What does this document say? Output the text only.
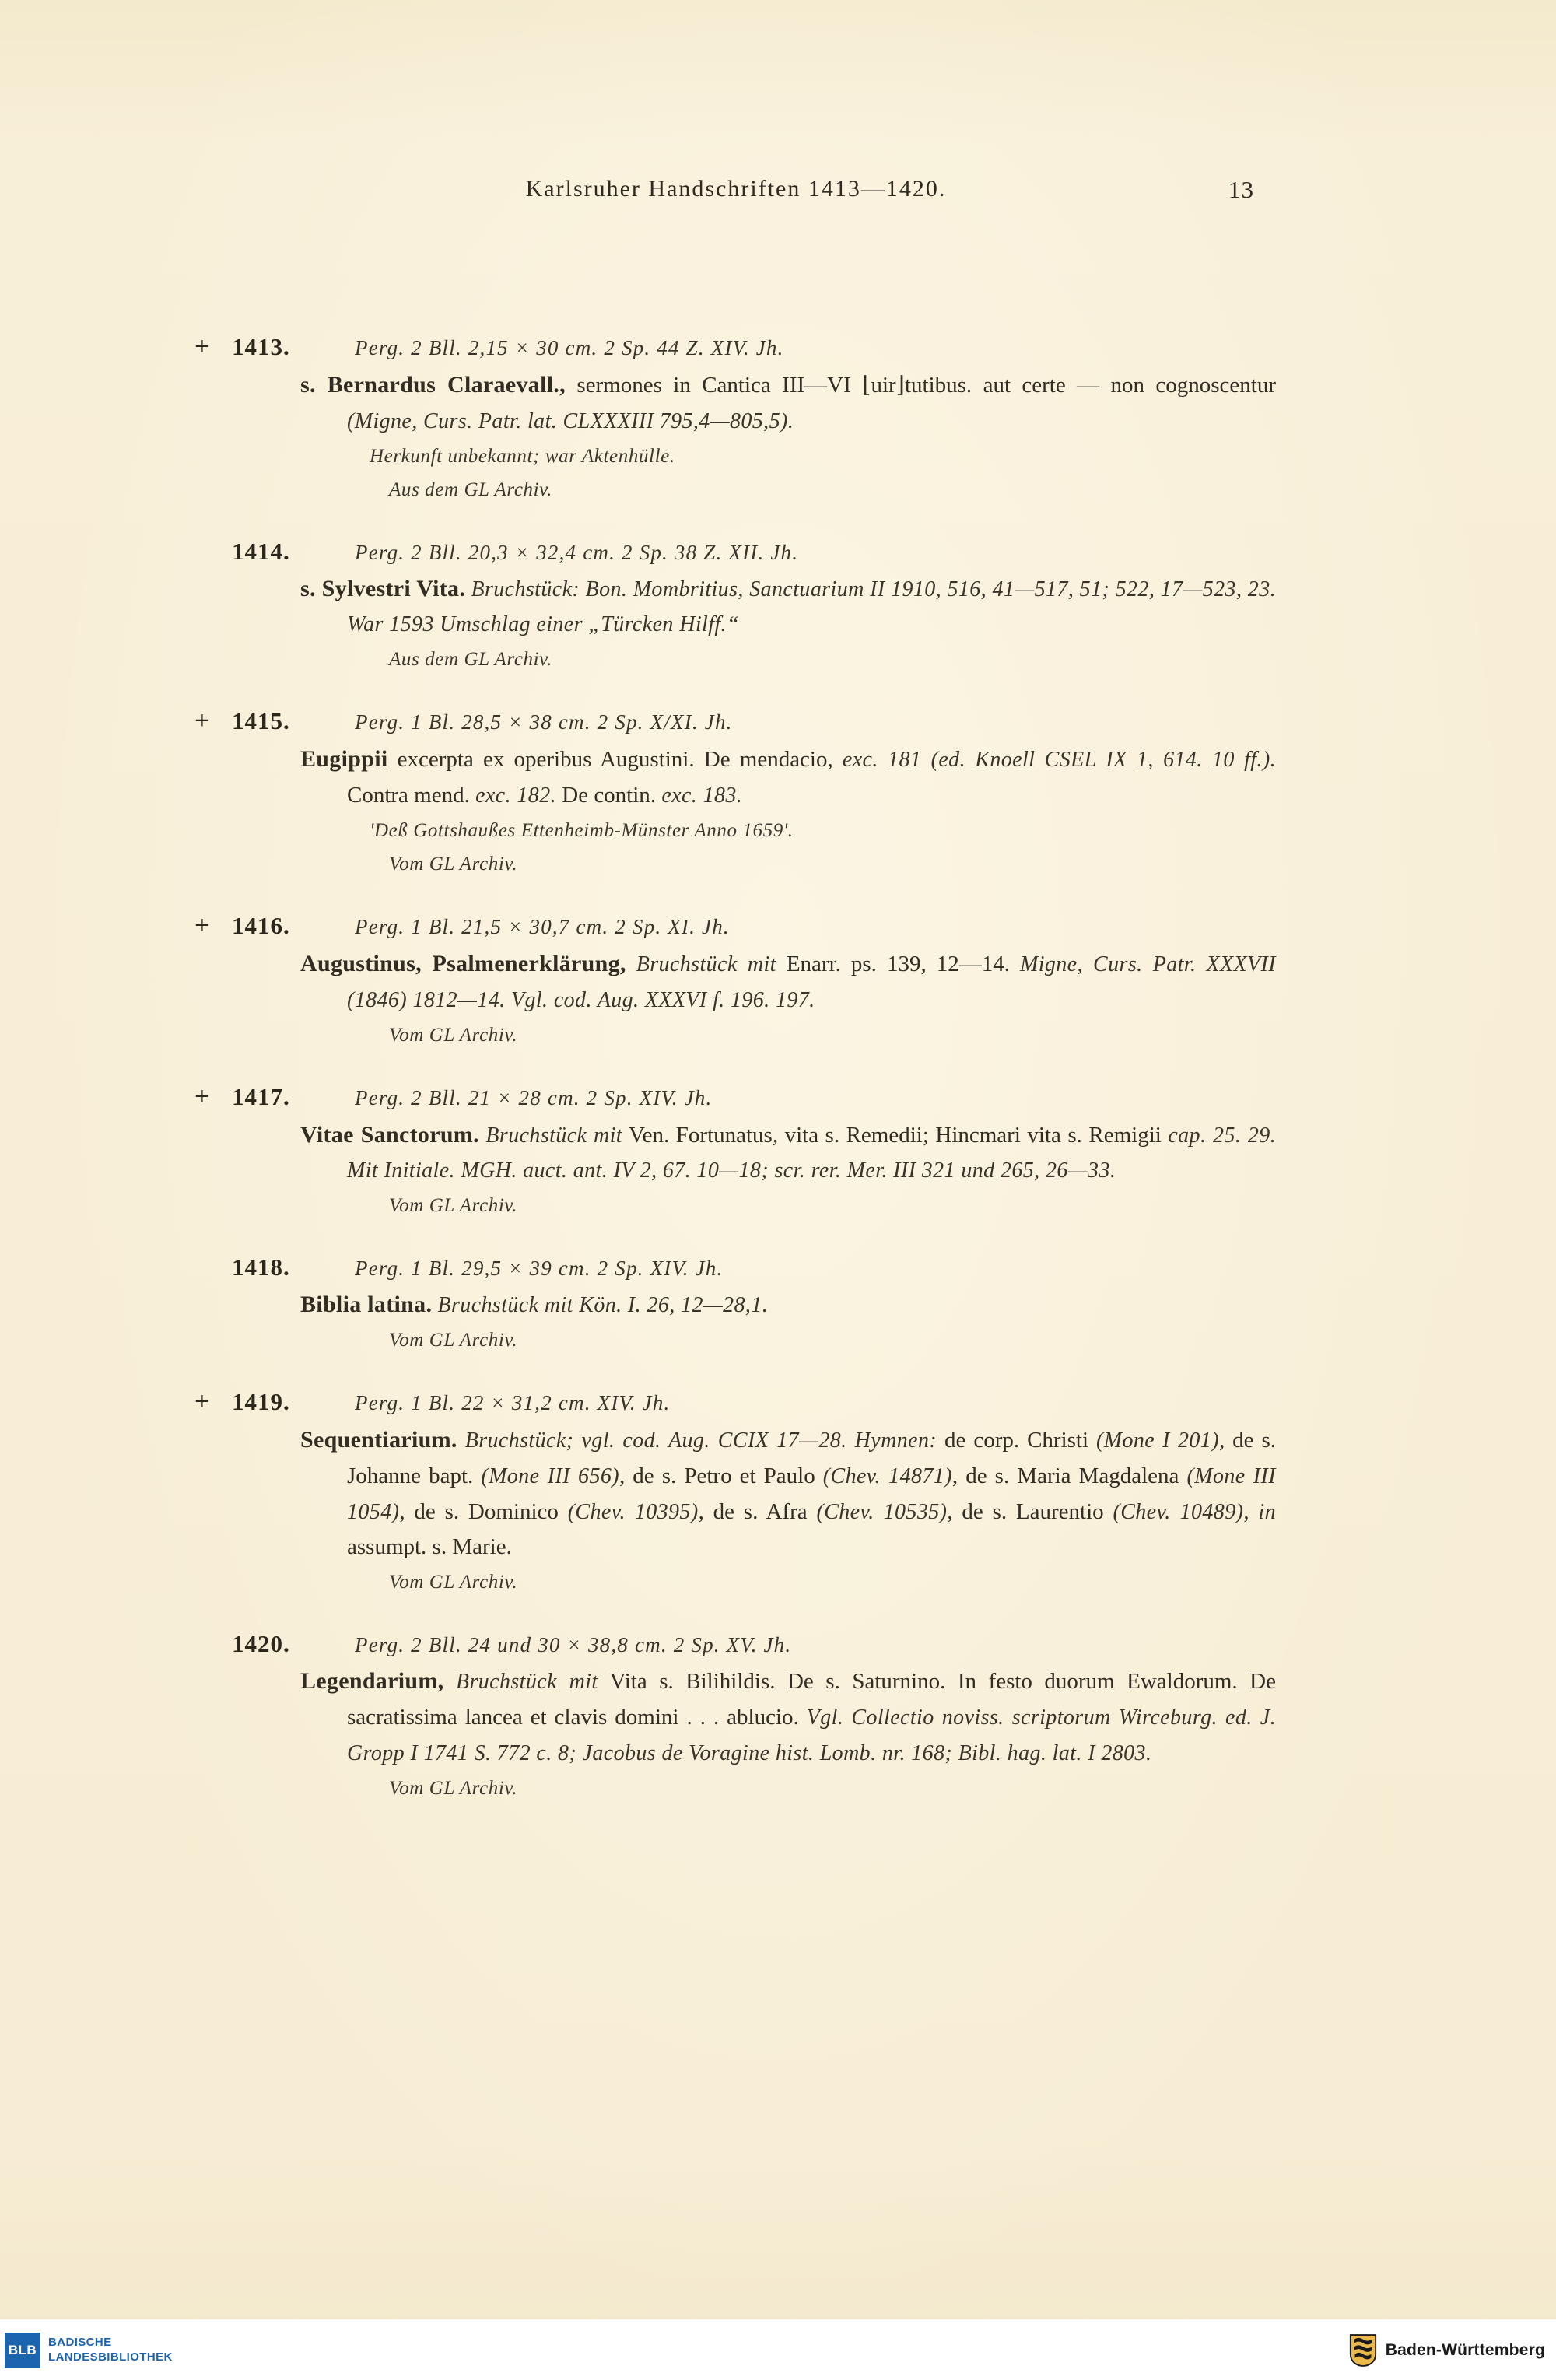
Karlsruher Handschriften 1413—1420.	13
+ 1413.	Perg. 2 Bll. 2,15 × 30 cm. 2 Sp. 44 Z. XIV. Jh.

s. Bernardus Claraevall., sermones in Cantica III—VI ⌊uir⌋tutibus. aut certe — non cognoscentur (Migne, Curs. Patr. lat. CLXXXIII 795,4—805,5).

Herkunft unbekannt; war Aktenhülle.

Aus dem GL Archiv.

1414.	Perg. 2 Bll. 20,3 × 32,4 cm. 2 Sp. 38 Z. XII. Jh.

s. Sylvestri Vita. Bruchstück: Bon. Mombritius, Sanctuarium II 1910, 516, 41—517, 51; 522, 17—523, 23. War 1593 Umschlag einer „Türcken Hilff.“

Aus dem GL Archiv.

+ 1415.	Perg. 1 Bl. 28,5 × 38 cm. 2 Sp. X/XI. Jh.

Eugippii excerpta ex operibus Augustini. De mendacio, exc. 181 (ed. Knoell CSEL IX 1, 614. 10 ff.). Contra mend. exc. 182. De contin. exc. 183.

'Deß Gottshaußes Ettenheimb-Münster Anno 1659'.

Vom GL Archiv.

+ 1416.	Perg. 1 Bl. 21,5 × 30,7 cm. 2 Sp. XI. Jh.

Augustinus, Psalmenerklärung, Bruchstück mit Enarr. ps. 139, 12—14. Migne, Curs. Patr. XXXVII (1846) 1812—14. Vgl. cod. Aug. XXXVI f. 196. 197.

Vom GL Archiv.

+ 1417.	Perg. 2 Bll. 21 × 28 cm. 2 Sp. XIV. Jh.

Vitae Sanctorum. Bruchstück mit Ven. Fortunatus, vita s. Remedii; Hincmari vita s. Remigii cap. 25. 29. Mit Initiale. MGH. auct. ant. IV 2, 67. 10—18; scr. rer. Mer. III 321 und 265, 26—33.

Vom GL Archiv.

1418.	Perg. 1 Bl. 29,5 × 39 cm. 2 Sp. XIV. Jh.

Biblia latina. Bruchstück mit Kön. I. 26, 12—28,1.

Vom GL Archiv.

+ 1419.	Perg. 1 Bl. 22 × 31,2 cm. XIV. Jh.

Sequentiarium. Bruchstück; vgl. cod. Aug. CCIX 17—28. Hymnen: de corp. Christi (Mone I 201), de s. Johanne bapt. (Mone III 656), de s. Petro et Paulo (Chev. 14871), de s. Maria Magdalena (Mone III 1054), de s. Dominico (Chev. 10395), de s. Afra (Chev. 10535), de s. Laurentio (Chev. 10489), in assumpt. s. Marie.

Vom GL Archiv.

1420.	Perg. 2 Bll. 24 und 30 × 38,8 cm. 2 Sp. XV. Jh.

Legendarium, Bruchstück mit Vita s. Bilihildis. De s. Saturnino. In festo duorum Ewaldorum. De sacratissima lancea et clavis domini . . . ablucio. Vgl. Collectio noviss. scriptorum Wirceburg. ed. J. Gropp I 1741 S. 772 c. 8; Jacobus de Voragine hist. Lomb. nr. 168; Bibl. hag. lat. I 2803.

Vom GL Archiv.

BLB
BADISCHE
LANDESBIBLIOTHEK	Baden-Württemberg
